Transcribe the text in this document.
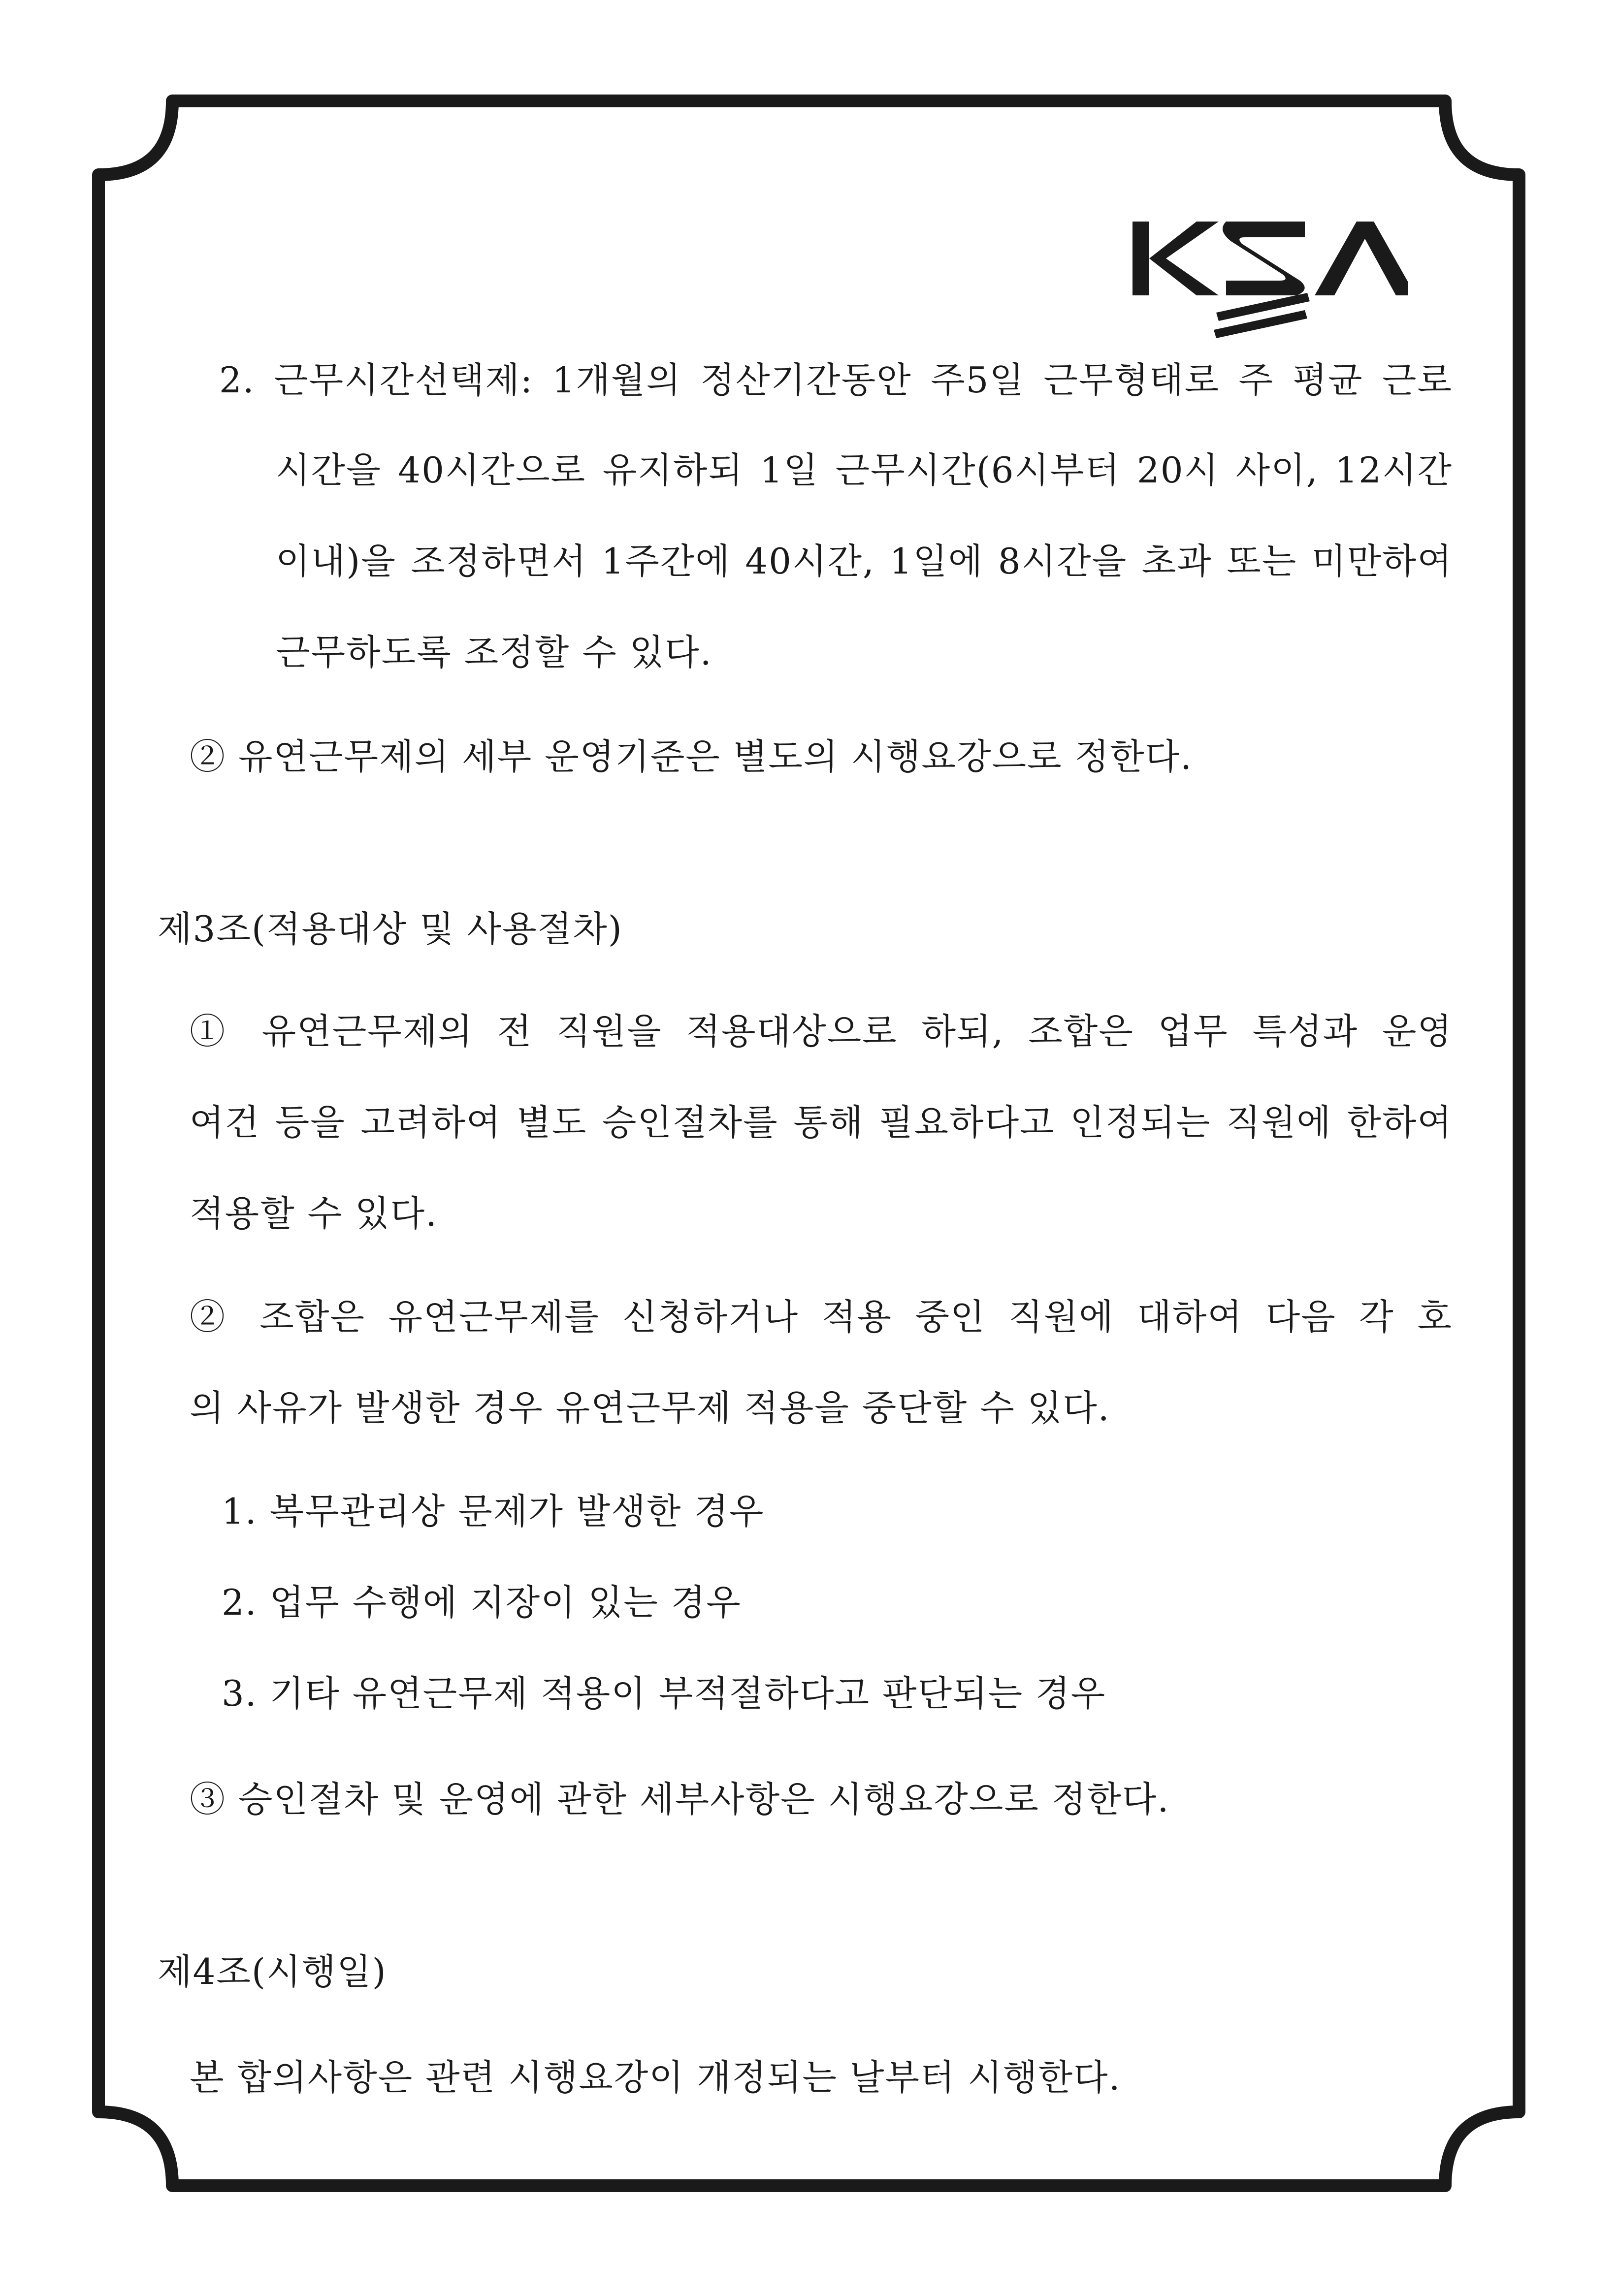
2. 근무시간선택제: 1개월의 정산기간동안 주5일 근무형태로 주 평균 근로
시간을 40시간으로 유지하되 1일 근무시간(6시부터 20시 사이, 12시간
이내)을 조정하면서 1주간에 40시간, 1일에 8시간을 초과 또는 미만하여
근무하도록 조정할 수 있다.
② 유연근무제의 세부 운영기준은 별도의 시행요강으로 정한다.
제3조(적용대상 및 사용절차)
① 유연근무제의 전 직원을 적용대상으로 하되, 조합은 업무 특성과 운영
여건 등을 고려하여 별도 승인절차를 통해 필요하다고 인정되는 직원에 한하여
적용할 수 있다.
② 조합은 유연근무제를 신청하거나 적용 중인 직원에 대하여 다음 각 호
의 사유가 발생한 경우 유연근무제 적용을 중단할 수 있다.
1. 복무관리상 문제가 발생한 경우
2. 업무 수행에 지장이 있는 경우
3. 기타 유연근무제 적용이 부적절하다고 판단되는 경우
③ 승인절차 및 운영에 관한 세부사항은 시행요강으로 정한다.
제4조(시행일)
본 합의사항은 관련 시행요강이 개정되는 날부터 시행한다.
